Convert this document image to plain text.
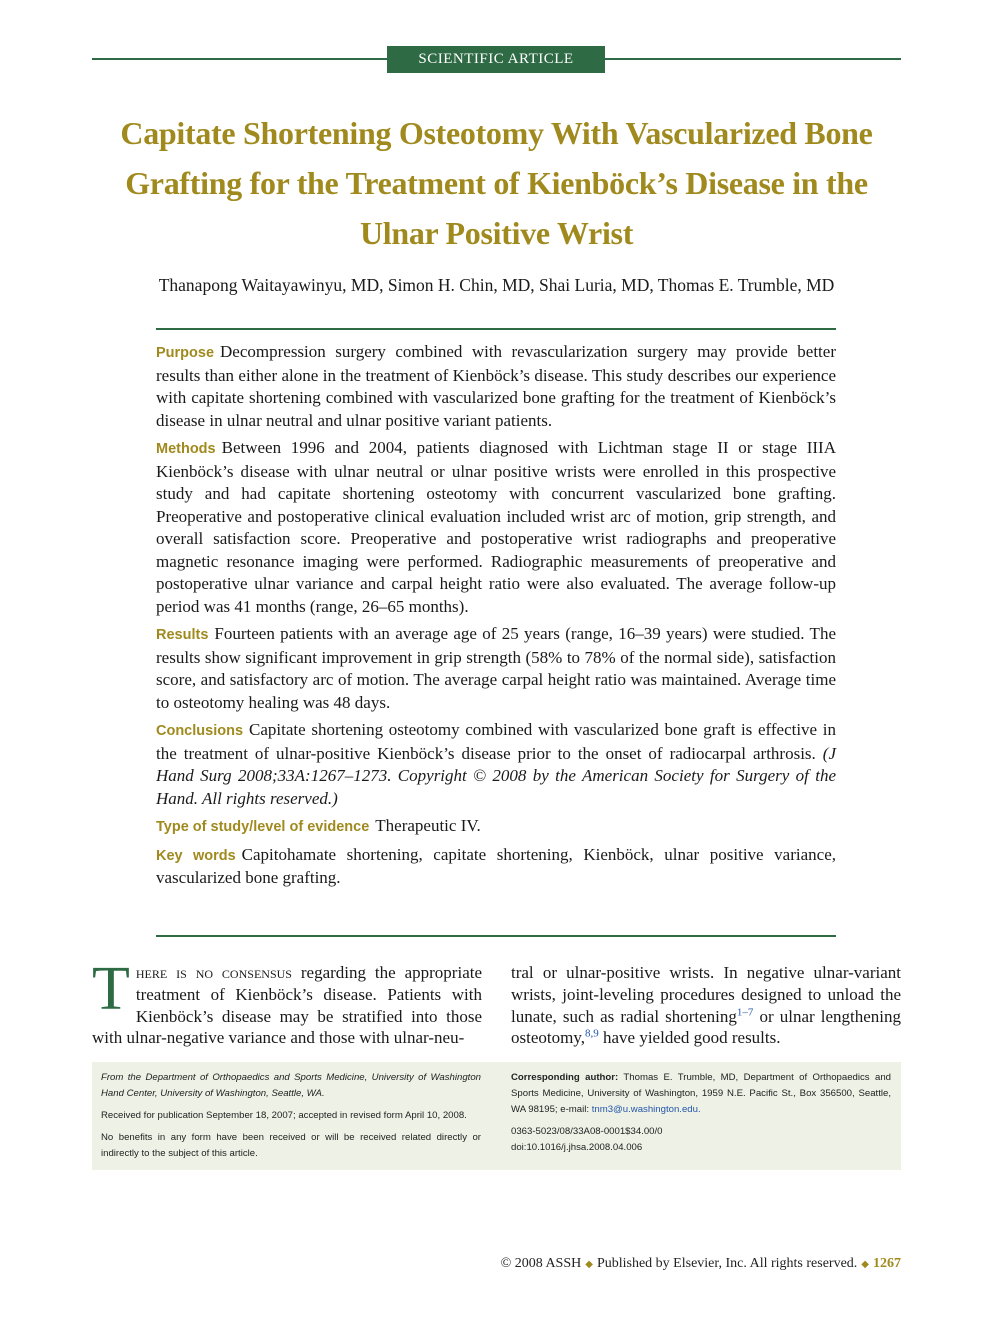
SCIENTIFIC ARTICLE
Capitate Shortening Osteotomy With Vascularized Bone Grafting for the Treatment of Kienböck’s Disease in the Ulnar Positive Wrist
Thanapong Waitayawinyu, MD, Simon H. Chin, MD, Shai Luria, MD, Thomas E. Trumble, MD

Purpose Decompression surgery combined with revascularization surgery may provide better results than either alone in the treatment of Kienböck’s disease. This study describes our experience with capitate shortening combined with vascularized bone grafting for the treatment of Kienböck’s disease in ulnar neutral and ulnar positive variant patients.

Methods Between 1996 and 2004, patients diagnosed with Lichtman stage II or stage IIIA Kienböck’s disease with ulnar neutral or ulnar positive wrists were enrolled in this prospective study and had capitate shortening osteotomy with concurrent vascularized bone grafting. Preoperative and postoperative clinical evaluation included wrist arc of motion, grip strength, and overall satisfaction score. Preoperative and postoperative wrist radiographs and preoperative magnetic resonance imaging were performed. Radiographic measurements of preoperative and postoperative ulnar variance and carpal height ratio were also evaluated. The average follow-up period was 41 months (range, 26–65 months).

Results Fourteen patients with an average age of 25 years (range, 16–39 years) were studied. The results show significant improvement in grip strength (58% to 78% of the normal side), satisfaction score, and satisfactory arc of motion. The average carpal height ratio was maintained. Average time to osteotomy healing was 48 days.

Conclusions Capitate shortening osteotomy combined with vascularized bone graft is effective in the treatment of ulnar-positive Kienböck’s disease prior to the onset of radiocarpal arthrosis. (J Hand Surg 2008;33A:1267–1273. Copyright © 2008 by the American Society for Surgery of the Hand. All rights reserved.)

Type of study/level of evidence Therapeutic IV.

Key words Capitohamate shortening, capitate shortening, Kienböck, ulnar positive variance, vascularized bone grafting.

There is no consensus regarding the appropriate treatment of Kienböck’s disease. Patients with Kienböck’s disease may be stratified into those with ulnar-negative variance and those with ulnar-neu-
tral or ulnar-positive wrists. In negative ulnar-variant wrists, joint-leveling procedures designed to unload the lunate, such as radial shortening$^{1-7}$ or ulnar lengthening osteotomy,$^{8,9}$ have yielded good results.

From the Department of Orthopaedics and Sports Medicine, University of Washington Hand Center, University of Washington, Seattle, WA.

Received for publication September 18, 2007; accepted in revised form April 10, 2008.

No benefits in any form have been received or will be received related directly or indirectly to the subject of this article.

Corresponding author: Thomas E. Trumble, MD, Department of Orthopaedics and Sports Medicine, University of Washington, 1959 N.E. Pacific St., Box 356500, Seattle, WA 98195; e-mail: tnm3@u.washington.edu.

0363-5023/08/33A08-0001$34.00/0

doi:10.1016/j.jhsa.2008.04.006

© 2008 ASSH ◆ Published by Elsevier, Inc. All rights reserved. ◆ 1267
